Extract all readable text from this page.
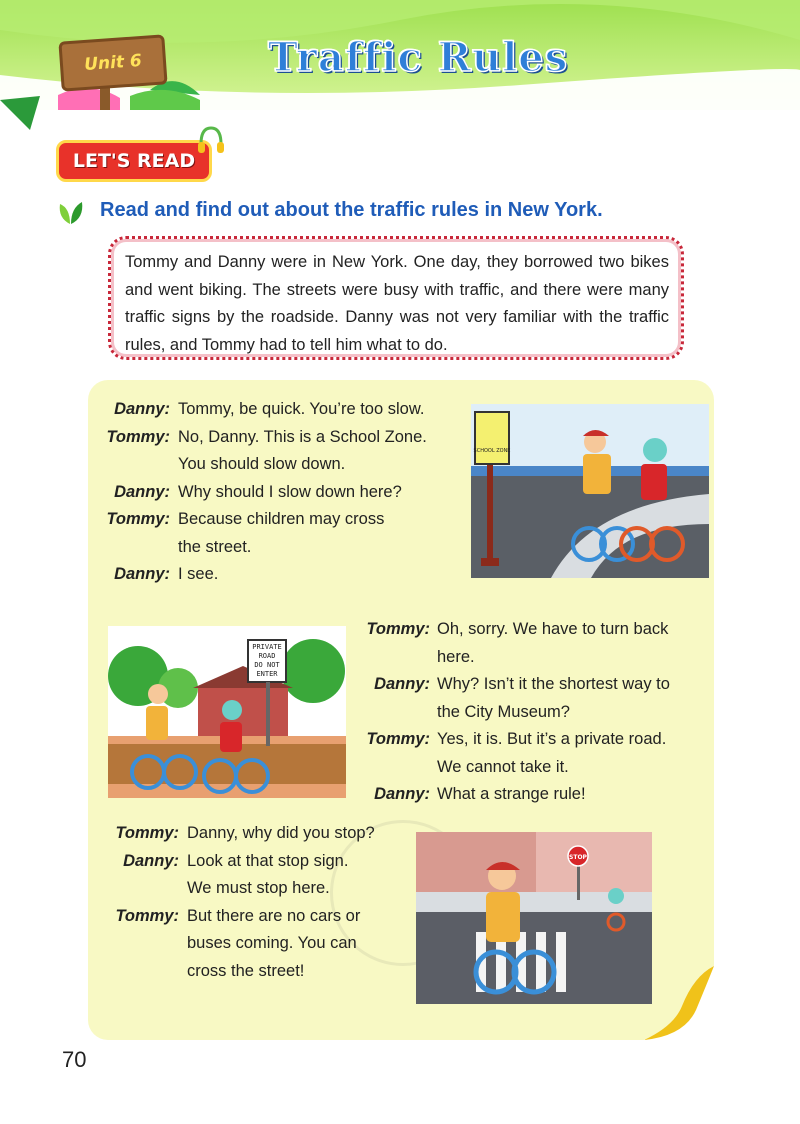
Unit 6	Traffic Rules
LET'S READ
Read and find out about the traffic rules in New York.

Tommy and Danny were in New York. One day, they borrowed two bikes and went biking. The streets were busy with traffic, and there were many traffic signs by the roadside. Danny was not very familiar with the traffic rules, and Tommy had to tell him what to do.

SCHOOL ZONE
PRIVATE
ROAD
DO NOT
ENTER
STOP
Danny: Tommy, be quick. You’re too slow.
Tommy: No, Danny. This is a School Zone.
You should slow down.
Danny: Why should I slow down here?
Tommy: Because children may cross
the street.
Danny: I see.
Tommy: Oh, sorry. We have to turn back
here.
Danny: Why? Isn’t it the shortest way to
the City Museum?
Tommy: Yes, it is. But it’s a private road.
We cannot take it.
Danny: What a strange rule!
Tommy: Danny, why did you stop?
Danny: Look at that stop sign.
We must stop here.
Tommy: But there are no cars or
buses coming. You can
cross the street!
70
